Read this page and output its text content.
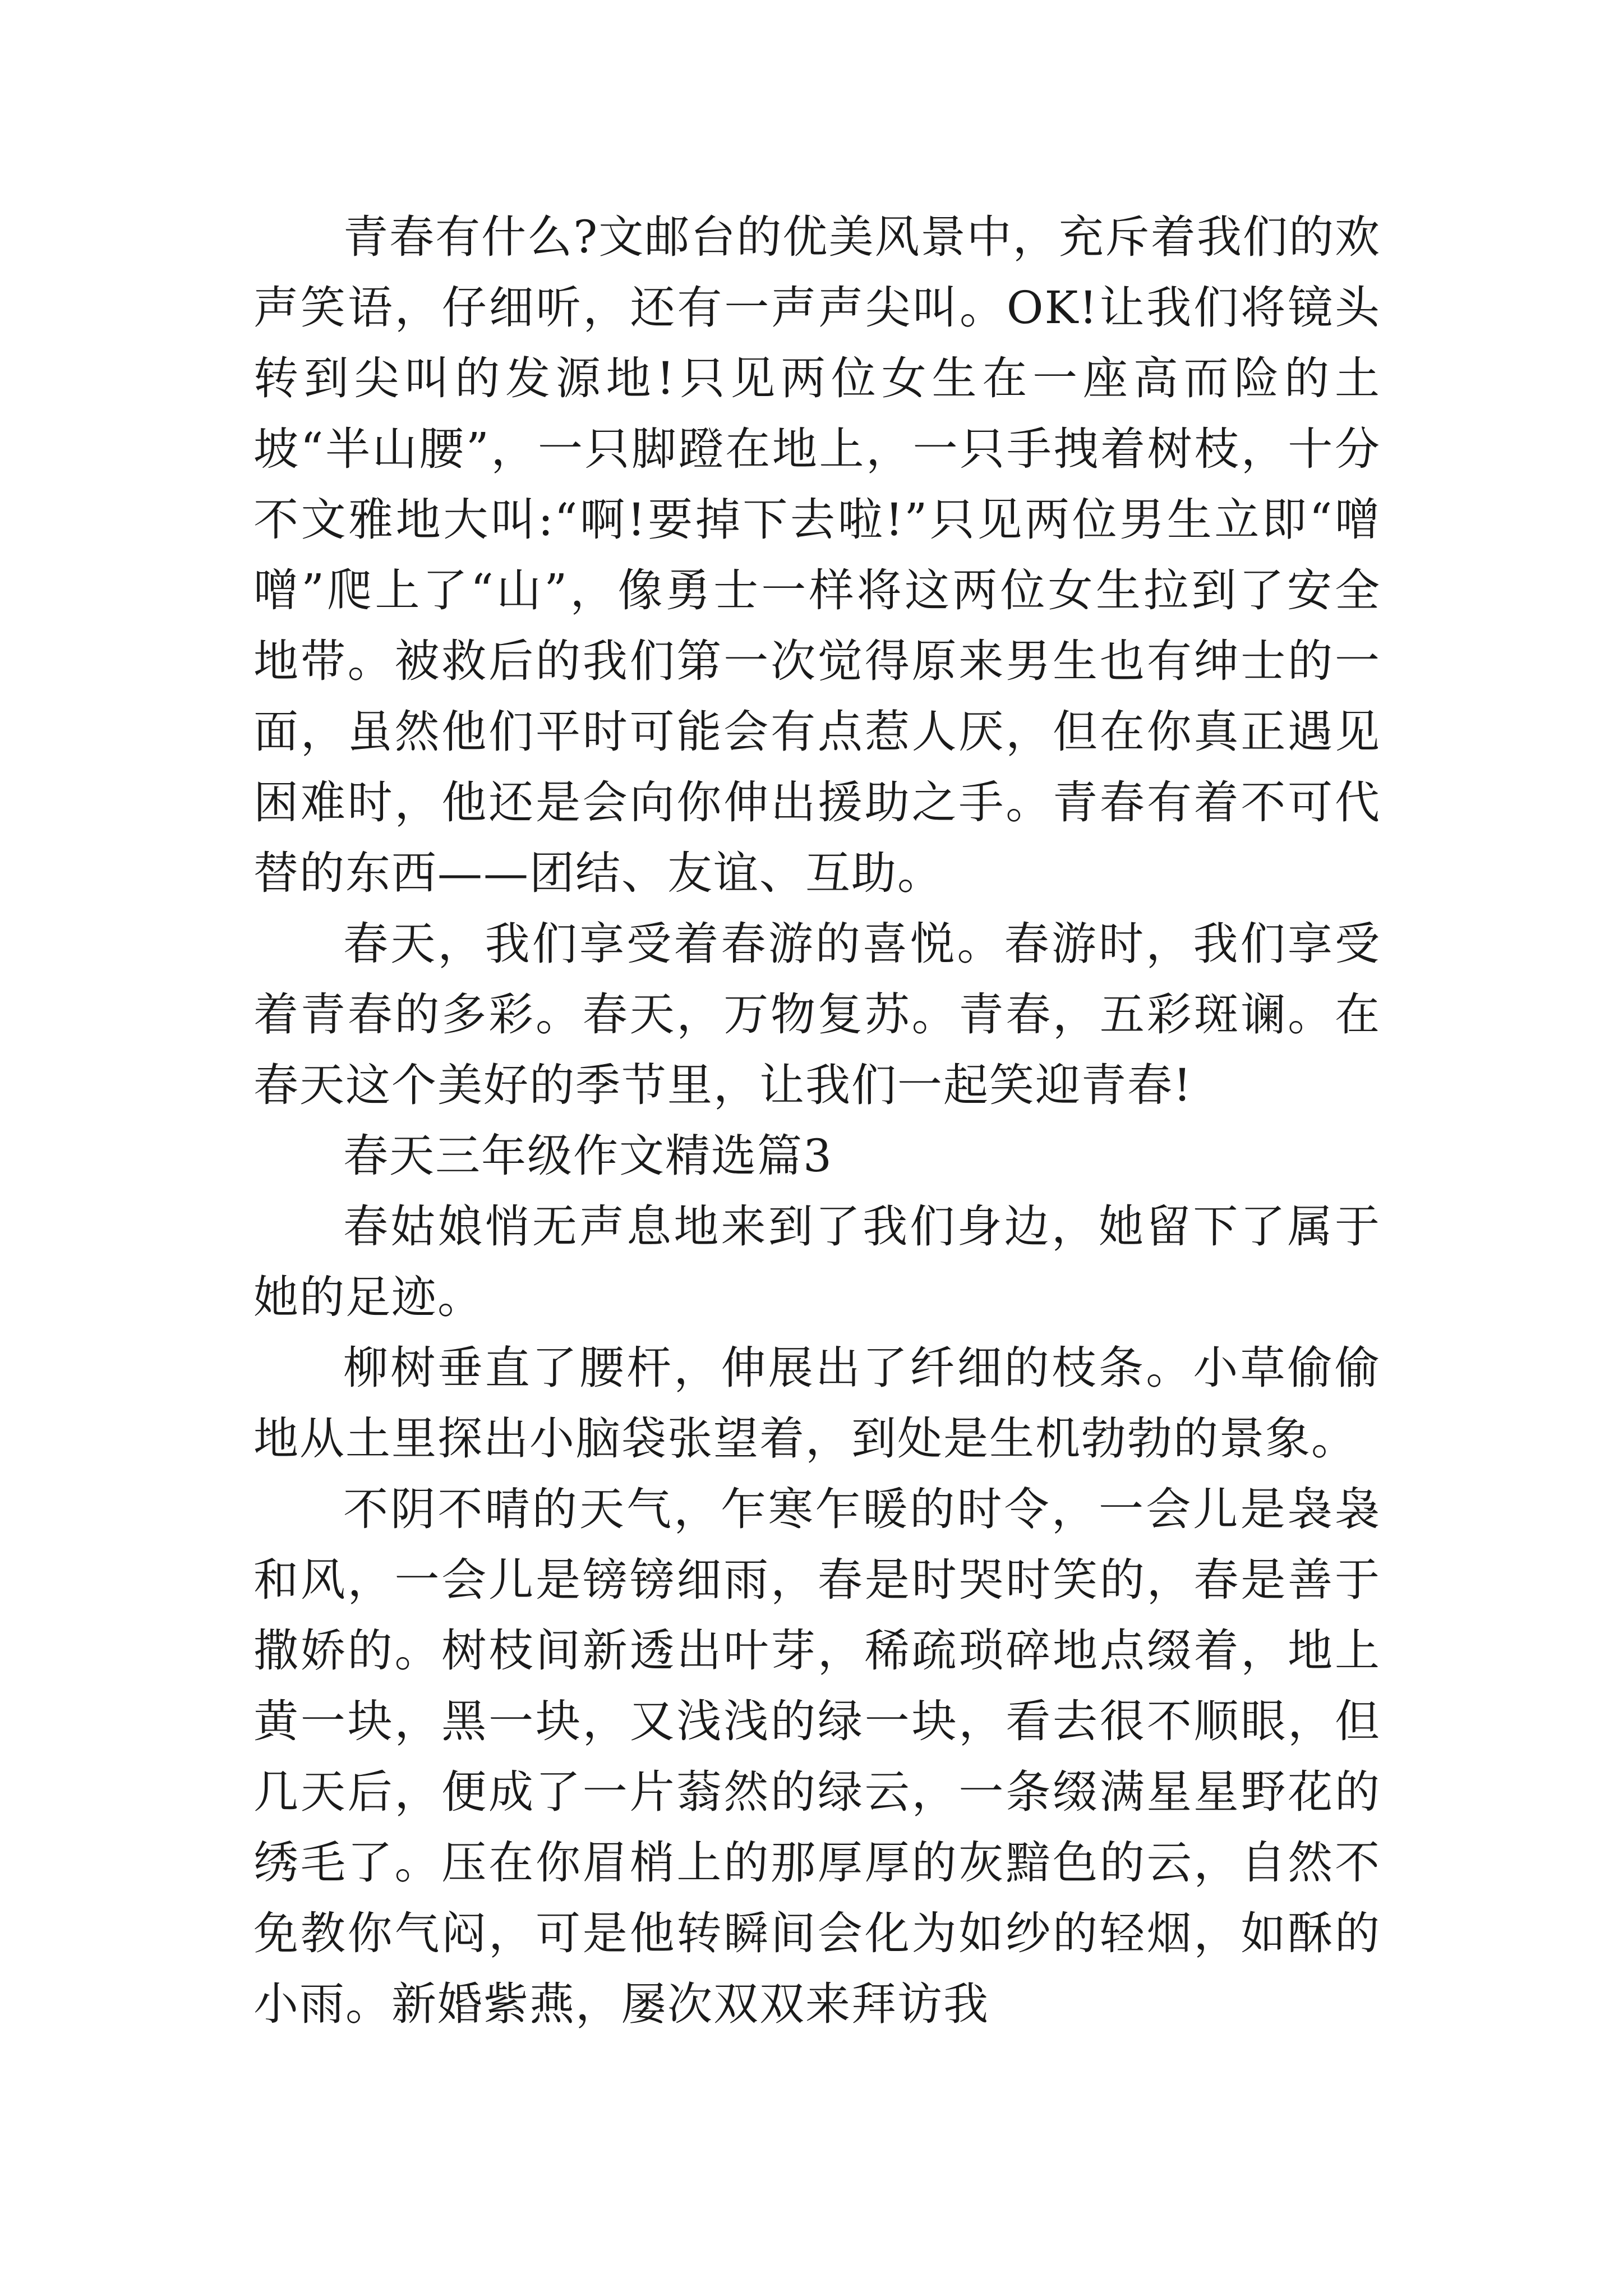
青春有什么?文邮台的优美风景中，充斥着我们的欢声笑语，仔细听，还有一声声尖叫。OK!让我们将镜头转到尖叫的发源地!只见两位女生在一座高而险的土坡“半山腰”，一只脚蹬在地上，一只手拽着树枝，十分不文雅地大叫:“啊!要掉下去啦!”只见两位男生立即“噌噌”爬上了“山”，像勇士一样将这两位女生拉到了安全地带。被救后的我们第一次觉得原来男生也有绅士的一面，虽然他们平时可能会有点惹人厌，但在你真正遇见困难时，他还是会向你伸出援助之手。青春有着不可代替的东西——团结、友谊、互助。

春天，我们享受着春游的喜悦。春游时，我们享受着青春的多彩。春天，万物复苏。青春，五彩斑谰。在春天这个美好的季节里，让我们一起笑迎青春!

春天三年级作文精选篇3

春姑娘悄无声息地来到了我们身边，她留下了属于她的足迹。

柳树垂直了腰杆，伸展出了纤细的枝条。小草偷偷地从土里探出小脑袋张望着，到处是生机勃勃的景象。

不阴不晴的天气，乍寒乍暖的时令，一会儿是袅袅和风，一会儿是镑镑细雨，春是时哭时笑的，春是善于撒娇的。树枝间新透出叶芽，稀疏琐碎地点缀着，地上黄一块，黑一块，又浅浅的绿一块，看去很不顺眼，但几天后，便成了一片蓊然的绿云，一条缀满星星野花的绣毛了。压在你眉梢上的那厚厚的灰黯色的云，自然不免教你气闷，可是他转瞬间会化为如纱的轻烟，如酥的小雨。新婚紫燕，屡次双双来拜访我
